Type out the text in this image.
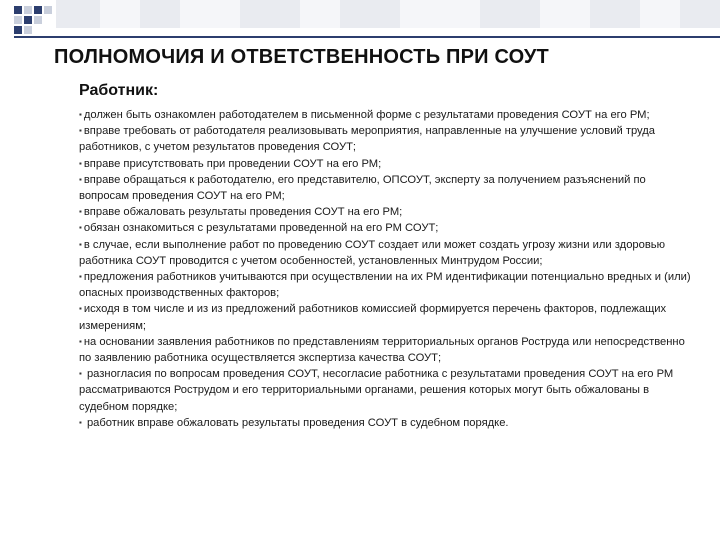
ПОЛНОМОЧИЯ И ОТВЕТСТВЕННОСТЬ ПРИ СОУТ
Работник:

▪ должен быть ознакомлен работодателем в письменной форме с результатами проведения СОУТ на его РМ;

▪ вправе требовать от работодателя реализовывать мероприятия, направленные на улучшение условий труда работников, с учетом результатов проведения СОУТ;

▪ вправе присутствовать при проведении СОУТ на его РМ;

▪ вправе обращаться к работодателю, его представителю, ОПСОУТ, эксперту за получением разъяснений по вопросам проведения СОУТ на его РМ;

▪ вправе обжаловать результаты проведения СОУТ на его РМ;

▪ обязан ознакомиться с результатами проведенной на его РМ СОУТ;

▪ в случае, если выполнение работ по проведению СОУТ создает или может создать угрозу жизни или здоровью работника СОУТ проводится с учетом особенностей, установленных Минтрудом России;

▪ предложения работников учитываются при осуществлении на их РМ идентификации потенциально вредных и (или) опасных производственных факторов;

▪ исходя в том числе и из из предложений работников комиссией формируется перечень факторов, подлежащих измерениям;

▪ на основании заявления работников по представлениям территориальных органов Роструда или непосредственно по заявлению работника осуществляется экспертиза качества СОУТ;

▪ разногласия по вопросам проведения СОУТ, несогласие работника с результатами проведения СОУТ на его РМ рассматриваются Рострудом и его территориальными органами, решения которых могут быть обжалованы в судебном порядке;

▪ работник вправе обжаловать результаты проведения СОУТ в судебном порядке.
